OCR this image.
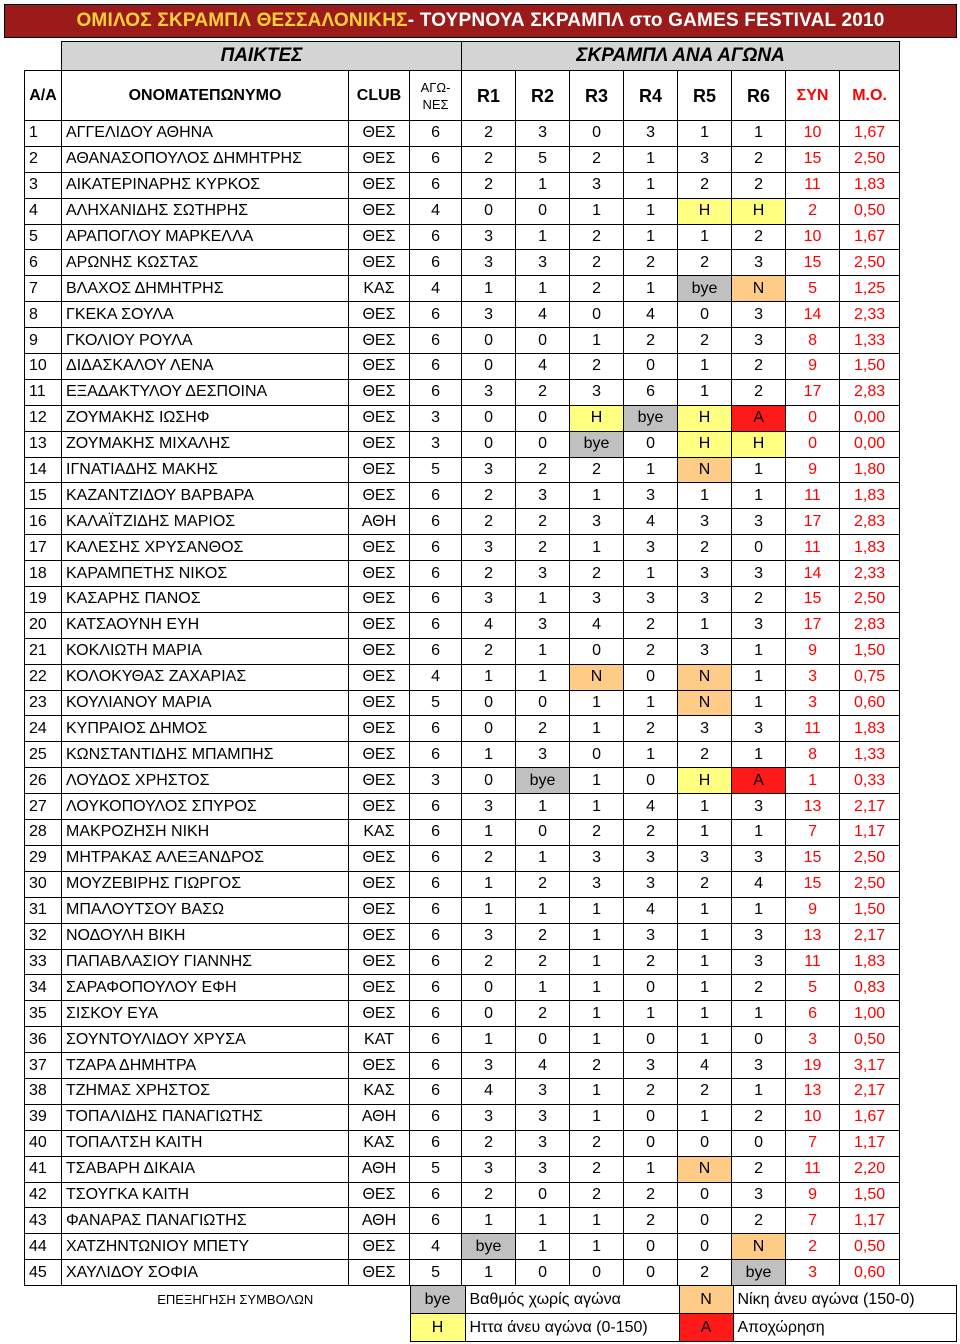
ΟΜΙΛΟΣ ΣΚΡΑΜΠΛ ΘΕΣΣΑΛΟΝΙΚΗΣ - ΤΟΥΡΝΟΥΑ ΣΚΡΑΜΠΛ στο GAMES FESTIVAL 2010
	ΠΑΙΚΤΕΣ			ΣΚΡΑΜΠΛ ΑΝΑ ΑΓΩΝΑ							
Α/Α	ΟΝΟΜΑΤΕΠΩΝΥΜΟ	CLUB	ΑΓΩ-
ΝΕΣ	R1	R2	R3	R4	R5	R6	ΣΥΝ	Μ.Ο.
1	ΑΓΓΕΛΙΔΟΥ ΑΘΗΝΑ	ΘΕΣ	6	2	3	0	3	1	1	10	1,67
2	ΑΘΑΝΑΣΟΠΟΥΛΟΣ ΔΗΜΗΤΡΗΣ	ΘΕΣ	6	2	5	2	1	3	2	15	2,50
3	ΑΙΚΑΤΕΡΙΝΑΡΗΣ ΚΥΡΚΟΣ	ΘΕΣ	6	2	1	3	1	2	2	11	1,83
4	ΑΛΗΧΑΝΙΔΗΣ ΣΩΤΗΡΗΣ	ΘΕΣ	4	0	0	1	1	Η	Η	2	0,50
5	ΑΡΑΠΟΓΛΟΥ ΜΑΡΚΕΛΛΑ	ΘΕΣ	6	3	1	2	1	1	2	10	1,67
6	ΑΡΩΝΗΣ ΚΩΣΤΑΣ	ΘΕΣ	6	3	3	2	2	2	3	15	2,50
7	ΒΛΑΧΟΣ ΔΗΜΗΤΡΗΣ	ΚΑΣ	4	1	1	2	1	bye	Ν	5	1,25
8	ΓΚΕΚΑ ΣΟΥΛΑ	ΘΕΣ	6	3	4	0	4	0	3	14	2,33
9	ΓΚΟΛΙΟΥ ΡΟΥΛΑ	ΘΕΣ	6	0	0	1	2	2	3	8	1,33
10	ΔΙΔΑΣΚΑΛΟΥ ΛΕΝΑ	ΘΕΣ	6	0	4	2	0	1	2	9	1,50
11	ΕΞΑΔΑΚΤΥΛΟΥ ΔΕΣΠΟΙΝΑ	ΘΕΣ	6	3	2	3	6	1	2	17	2,83
12	ΖΟΥΜΑΚΗΣ ΙΩΣΗΦ	ΘΕΣ	3	0	0	Η	bye	Η	Α	0	0,00
13	ΖΟΥΜΑΚΗΣ ΜΙΧΑΛΗΣ	ΘΕΣ	3	0	0	bye	0	Η	Η	0	0,00
14	ΙΓΝΑΤΙΑΔΗΣ ΜΑΚΗΣ	ΘΕΣ	5	3	2	2	1	Ν	1	9	1,80
15	ΚΑΖΑΝΤΖΙΔΟΥ ΒΑΡΒΑΡΑ	ΘΕΣ	6	2	3	1	3	1	1	11	1,83
16	ΚΑΛΑΪΤΖΙΔΗΣ ΜΑΡΙΟΣ	ΑΘΗ	6	2	2	3	4	3	3	17	2,83
17	ΚΑΛΕΣΗΣ ΧΡΥΣΑΝΘΟΣ	ΘΕΣ	6	3	2	1	3	2	0	11	1,83
18	ΚΑΡΑΜΠΕΤΗΣ ΝΙΚΟΣ	ΘΕΣ	6	2	3	2	1	3	3	14	2,33
19	ΚΑΣΑΡΗΣ ΠΑΝΟΣ	ΘΕΣ	6	3	1	3	3	3	2	15	2,50
20	ΚΑΤΣΑΟΥΝΗ ΕΥΗ	ΘΕΣ	6	4	3	4	2	1	3	17	2,83
21	ΚΟΚΛΙΩΤΗ ΜΑΡΙΑ	ΘΕΣ	6	2	1	0	2	3	1	9	1,50
22	ΚΟΛΟΚΥΘΑΣ ΖΑΧΑΡΙΑΣ	ΘΕΣ	4	1	1	Ν	0	Ν	1	3	0,75
23	ΚΟΥΛΙΑΝΟΥ ΜΑΡΙΑ	ΘΕΣ	5	0	0	1	1	Ν	1	3	0,60
24	ΚΥΠΡΑΙΟΣ ΔΗΜΟΣ	ΘΕΣ	6	0	2	1	2	3	3	11	1,83
25	ΚΩΝΣΤΑΝΤΙΔΗΣ ΜΠΑΜΠΗΣ	ΘΕΣ	6	1	3	0	1	2	1	8	1,33
26	ΛΟΥΔΟΣ ΧΡΗΣΤΟΣ	ΘΕΣ	3	0	bye	1	0	Η	Α	1	0,33
27	ΛΟΥΚΟΠΟΥΛΟΣ ΣΠΥΡΟΣ	ΘΕΣ	6	3	1	1	4	1	3	13	2,17
28	ΜΑΚΡΟΖΗΣΗ ΝΙΚΗ	ΚΑΣ	6	1	0	2	2	1	1	7	1,17
29	ΜΗΤΡΑΚΑΣ ΑΛΕΞΑΝΔΡΟΣ	ΘΕΣ	6	2	1	3	3	3	3	15	2,50
30	ΜΟΥΖΕΒΙΡΗΣ ΓΙΩΡΓΟΣ	ΘΕΣ	6	1	2	3	3	2	4	15	2,50
31	ΜΠΑΛΟΥΤΣΟΥ ΒΑΣΩ	ΘΕΣ	6	1	1	1	4	1	1	9	1,50
32	ΝΟΔΟΥΛΗ ΒΙΚΗ	ΘΕΣ	6	3	2	1	3	1	3	13	2,17
33	ΠΑΠΑΒΛΑΣΙΟΥ ΓΙΑΝΝΗΣ	ΘΕΣ	6	2	2	1	2	1	3	11	1,83
34	ΣΑΡΑΦΟΠΟΥΛΟΥ ΕΦΗ	ΘΕΣ	6	0	1	1	0	1	2	5	0,83
35	ΣΙΣΚΟΥ ΕΥΑ	ΘΕΣ	6	0	2	1	1	1	1	6	1,00
36	ΣΟΥΝΤΟΥΛΙΔΟΥ ΧΡΥΣΑ	ΚΑΤ	6	1	0	1	0	1	0	3	0,50
37	ΤΖΑΡΑ ΔΗΜΗΤΡΑ	ΘΕΣ	6	3	4	2	3	4	3	19	3,17
38	ΤΖΗΜΑΣ ΧΡΗΣΤΟΣ	ΚΑΣ	6	4	3	1	2	2	1	13	2,17
39	ΤΟΠΑΛΙΔΗΣ ΠΑΝΑΓΙΩΤΗΣ	ΑΘΗ	6	3	3	1	0	1	2	10	1,67
40	ΤΟΠΑΛΤΣΗ ΚΑΙΤΗ	ΚΑΣ	6	2	3	2	0	0	0	7	1,17
41	ΤΣΑΒΑΡΗ ΔΙΚΑΙΑ	ΑΘΗ	5	3	3	2	1	Ν	2	11	2,20
42	ΤΣΟΥΓΚΑ ΚΑΙΤΗ	ΘΕΣ	6	2	0	2	2	0	3	9	1,50
43	ΦΑΝΑΡΑΣ ΠΑΝΑΓΙΩΤΗΣ	ΑΘΗ	6	1	1	1	2	0	2	7	1,17
44	ΧΑΤΖΗΝΤΩΝΙΟΥ ΜΠΕΤΥ	ΘΕΣ	4	bye	1	1	0	0	Ν	2	0,50
45	ΧΑΥΛΙΔΟΥ ΣΟΦΙΑ	ΘΕΣ	5	1	0	0	0	2	bye	3	0,60
ΕΠΕΞΗΓΗΣΗ ΣΥΜΒΟΛΩΝ	bye	Βαθμός χωρίς αγώνα	Ν	Νίκη άνευ αγώνα (150-0)
	Η	Ηττα άνευ αγώνα (0-150)	Α	Αποχώρηση
